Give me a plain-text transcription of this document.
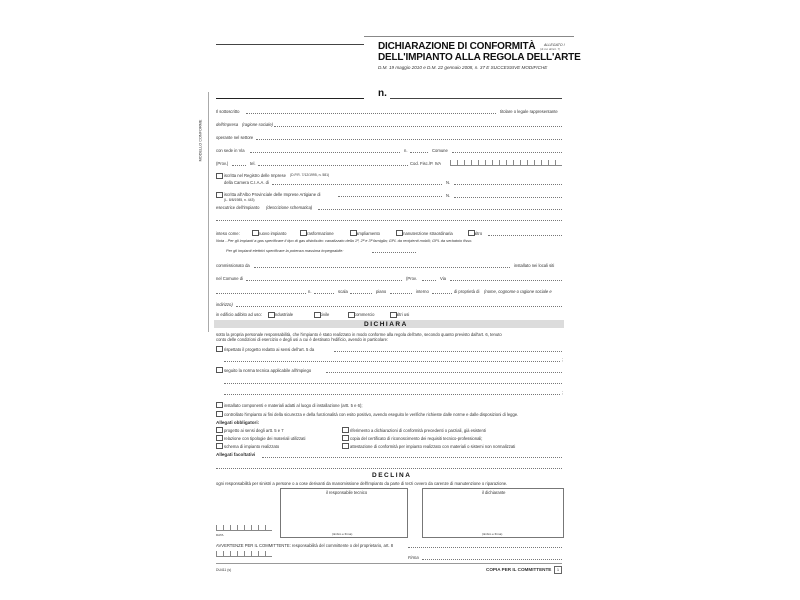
DICHIARAZIONE DI CONFORMITÀ
DELL'IMPIANTO ALLA REGOLA DELL'ARTE
D.M. 19 maggio 2010 e D.M. 22 gennaio 2008, n. 37 E SUCCESSIVE MODIFICHE
ALLEGATO I
(di cui all'art. 7)
n.
MODELLO CONFORME
Il sottoscritto	titolare o legale rappresentante
dell'impresa (ragione sociale)
operante nel settore
con sede in Via	n.	Comune
(Prov.)	tel.	Cod. Fisc./P. IVA
iscritta nel Registro delle Imprese (D.P.R. 7/12/1995, n. 581)
della Camera C.I.A.A. di	N.
iscritta all'Albo Provinciale delle Imprese Artigiane di	N.
(L. 8/8/1985, n. 443)
esecutrice dell'impianto (descrizione schematica)
inteso come:	nuovo impianto	trasformazione	ampliamento	manutenzione straordinaria	altro
Nota - Per gli impianti a gas specificare il tipo di gas distribuito: canalizzato della 1ª, 2ª e 3ª famiglia; GPL da recipienti mobili; GPL da serbatoio fisso.
Per gli impianti elettrici specificare la potenza massima impegnabile:
commissionato da	installato nei locali siti
nel Comune di	(Prov.	Via
n.	scala	piano	interno	di proprietà di (nome, cognome o ragione sociale e
indirizzo)
in edificio adibito ad uso:	industriale	civile	commercio	altri usi
DICHIARA
sotto la propria personale responsabilità, che l'impianto è stato realizzato in modo conforme alla regola dell'arte, secondo quanto previsto dall'art. 6, tenuto
conto delle condizioni di esercizio e degli usi a cui è destinato l'edificio, avendo in particolare:
rispettato il progetto redatto ai sensi dell'art. 5 da
;
seguito la norma tecnica applicabile all'impiego
;
installato componenti e materiali adatti al luogo di installazione (artt. 5 e 6);
controllato l'impianto ai fini della sicurezza e della funzionalità con esito positivo, avendo eseguito le verifiche richieste dalle norme e dalle disposizioni di legge.
Allegati obbligatori:
progetto ai sensi degli artt. 5 e 7
relazione con tipologie dei materiali utilizzati
schema di impianto realizzato
riferimento a dichiarazioni di conformità precedenti o parziali, già esistenti
copia del certificato di riconoscimento dei requisiti tecnico-professionali;
attestazione di conformità per impianto realizzato con materiali o sistemi non normalizzati
Allegati facoltativi
DECLINA
ogni responsabilità per sinistri a persone o a cose derivanti da manomissione dell'impianto da parte di terzi ovvero da carenze di manutenzione o riparazione.
il responsabile tecnico
(timbro e firma)
il dichiarante
(timbro e firma)
DATA
AVVERTENZE PER IL COMMITTENTE: responsabilità del committente o del proprietario, art. 8
Firma
DU411 (s)	COPIA PER IL COMMITTENTE	1
